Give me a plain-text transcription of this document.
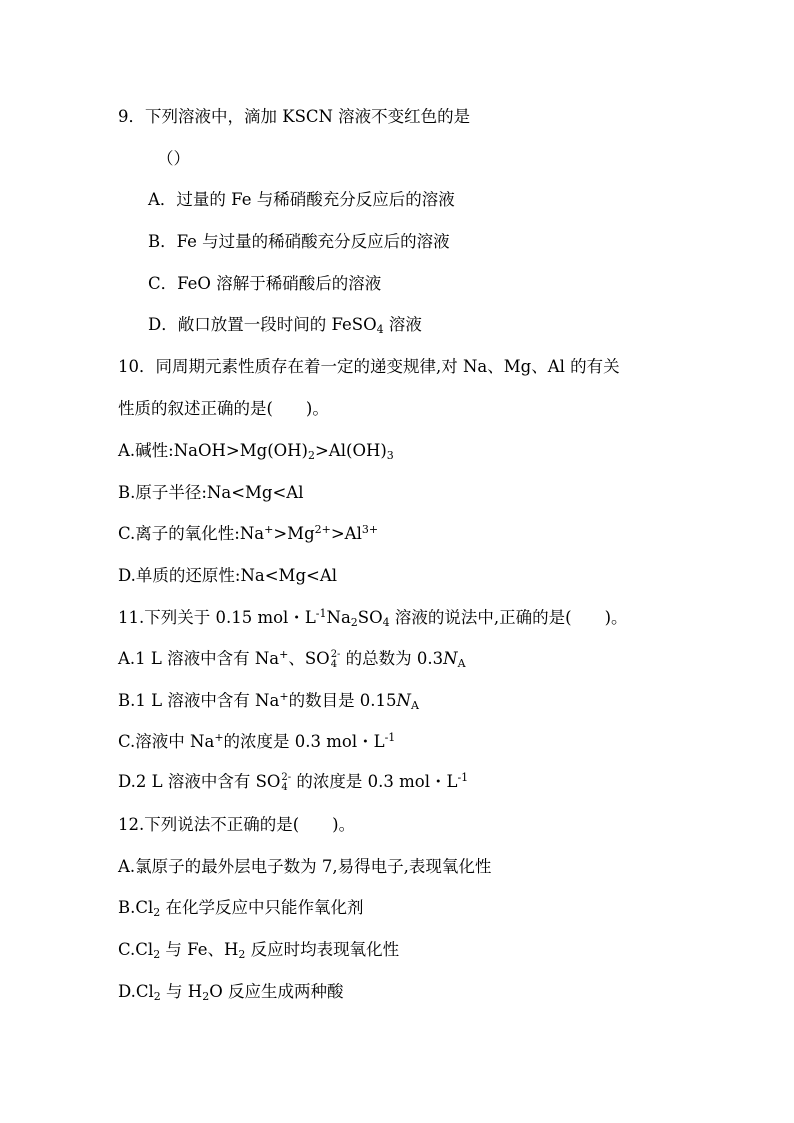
9．下列溶液中，滴加 KSCN 溶液不变红色的是
（）
A．过量的 Fe 与稀硝酸充分反应后的溶液
B．Fe 与过量的稀硝酸充分反应后的溶液
C．FeO 溶解于稀硝酸后的溶液
D．敞口放置一段时间的 FeSO$_4$ 溶液
10．同周期元素性质存在着一定的递变规律,对 Na、Mg、Al 的有关
性质的叙述正确的是(　　)。
A.碱性$:NaOH>Mg(OH)_2>Al(OH)_3$
B.原子半径:Na<Mg<Al
C.离子的氧化性$:Na^+>Mg^{2+}>Al^{3+}$
D.单质的还原性:Na<Mg<Al
11.下列关于 0.15 mol・$L^{-1}Na_2SO_4$ 溶液的说法中,正确的是(　　)。
A.1 L 溶液中含有 Na+、SO 2-
4 的总数为 $0.3N_A$
B.1 L 溶液中含有 Na+的数目是 $0.15N_A$
C.溶液中 Na+的浓度是 0.3 mol・$L^{-1}$
D.2 L 溶液中含有 SO 2-
4 的浓度是 0.3 mol・$L^{-1}$
12.下列说法不正确的是(　　)。
A.氯原子的最外层电子数为 7,易得电子,表现氧化性
$B.Cl_2$ 在化学反应中只能作氧化剂
$C.Cl_2$ 与 Fe、$H_2$ 反应时均表现氧化性
$D.Cl_2$ 与 $H_2O$ 反应生成两种酸
